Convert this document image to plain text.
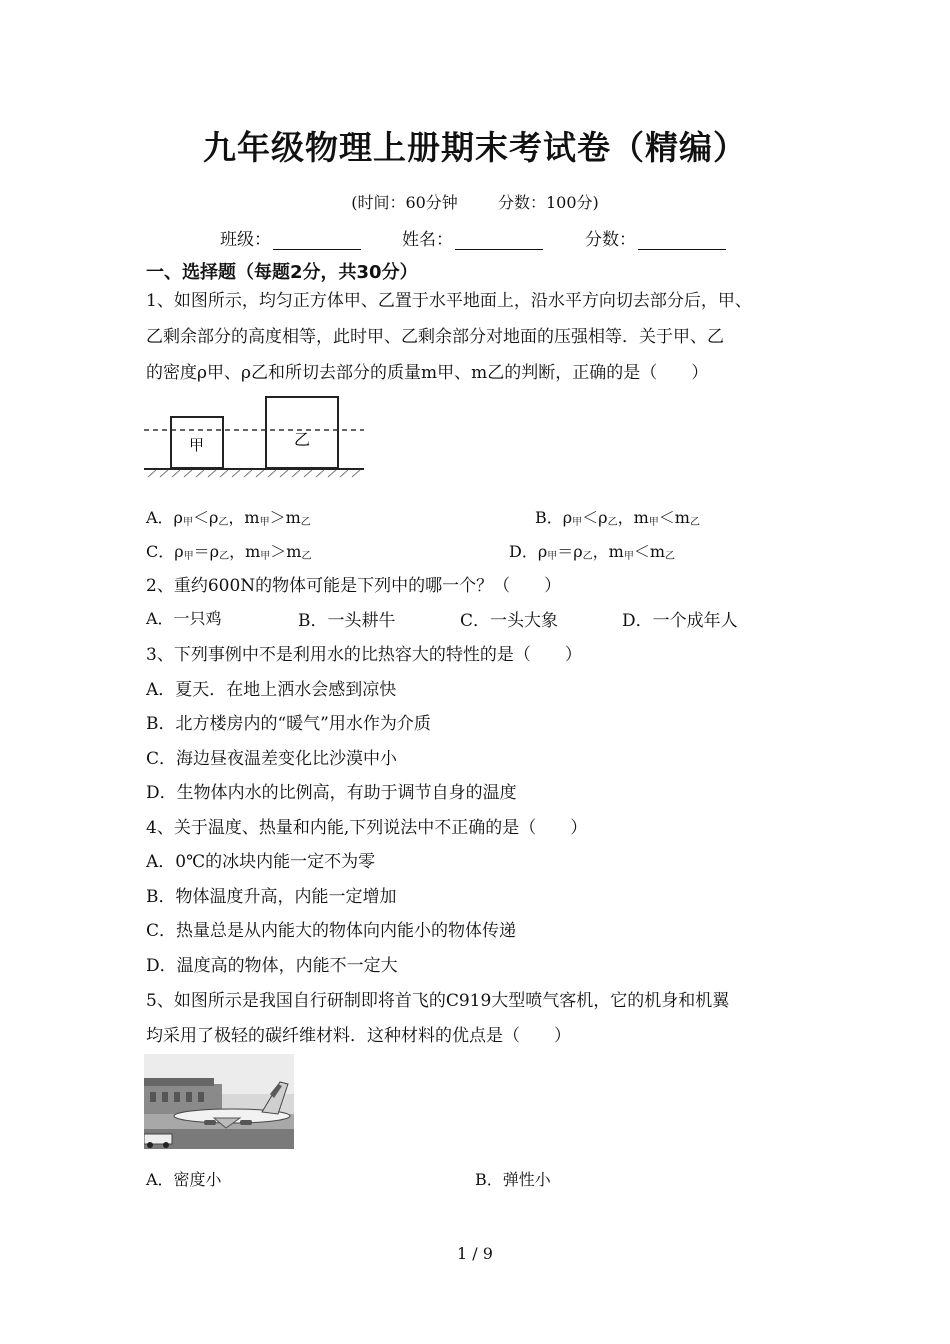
九年级物理上册期末考试卷（精编）
(时间：60分钟	分数：100分)
班级：	姓名：	分数：
一、选择题（每题2分，共30分）
1、如图所示，均匀正方体甲、乙置于水平地面上，沿水平方向切去部分后，甲、
乙剩余部分的高度相等，此时甲、乙剩余部分对地面的压强相等．关于甲、乙
的密度ρ甲、ρ乙和所切去部分的质量m甲、m乙的判断，正确的是（　　）
甲	乙
A．$\rho_甲<\rho_乙$，$m_甲>m_乙$	B．$\rho_甲<\rho_乙$，$m_甲<m_乙$
C．$\rho_甲=\rho_乙$，$m_甲>m_乙$	D．$\rho_甲=\rho_乙$，$m_甲<m_乙$
2、重约600N的物体可能是下列中的哪一个？（　　）
A．一只鸡	B．一头耕牛	C．一头大象	D．一个成年人
3、下列事例中不是利用水的比热容大的特性的是（　　）
A．夏天．在地上洒水会感到凉快
B．北方楼房内的“暖气”用水作为介质
C．海边昼夜温差变化比沙漠中小
D．生物体内水的比例高，有助于调节自身的温度
4、关于温度、热量和内能,下列说法中不正确的是（　　）
A．0℃的冰块内能一定不为零
B．物体温度升高，内能一定增加
C．热量总是从内能大的物体向内能小的物体传递
D．温度高的物体，内能不一定大
5、如图所示是我国自行研制即将首飞的C919大型喷气客机，它的机身和机翼
均采用了极轻的碳纤维材料．这种材料的优点是（　　）
A．密度小	B．弹性小
1 / 9
